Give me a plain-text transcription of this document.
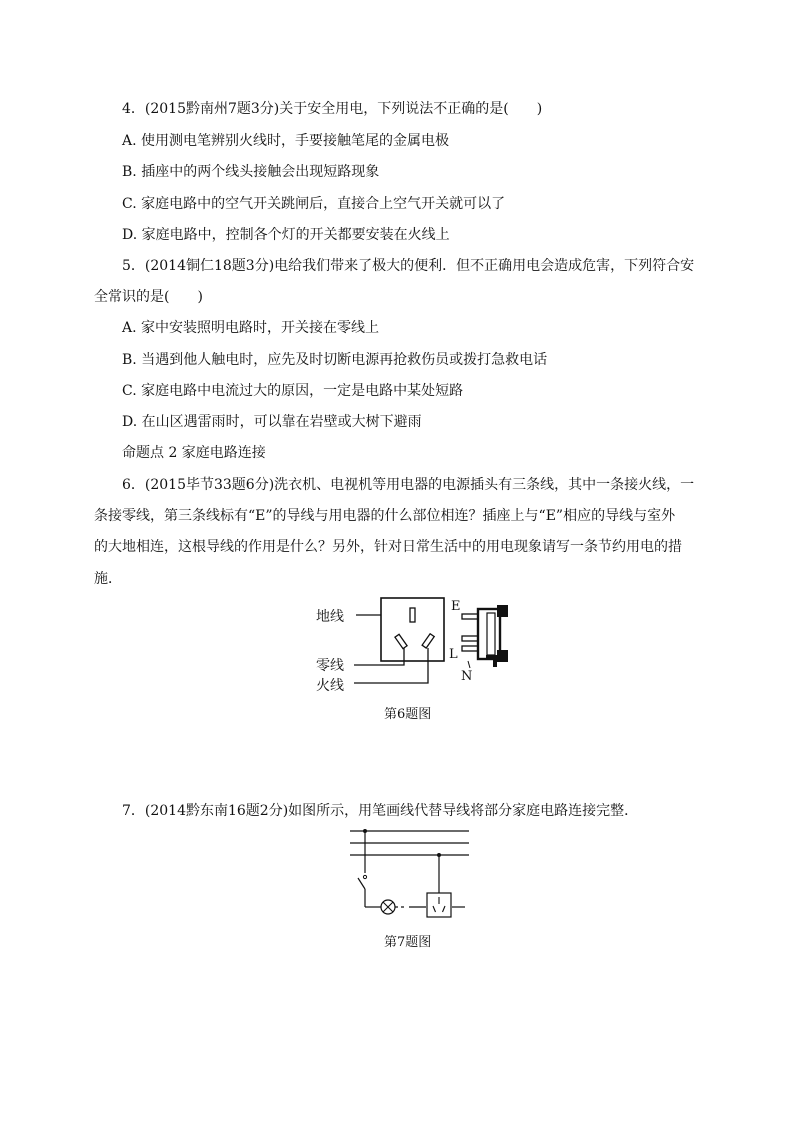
4．(2015黔南州7题3分)关于安全用电，下列说法不正确的是(　　)
A. 使用测电笔辨别火线时，手要接触笔尾的金属电极
B. 插座中的两个线头接触会出现短路现象
C. 家庭电路中的空气开关跳闸后，直接合上空气开关就可以了
D. 家庭电路中，控制各个灯的开关都要安装在火线上
5．(2014铜仁18题3分)电给我们带来了极大的便利．但不正确用电会造成危害，下列符合安
全常识的是(　　)
A. 家中安装照明电路时，开关接在零线上
B. 当遇到他人触电时，应先及时切断电源再抢救伤员或拨打急救电话
C. 家庭电路中电流过大的原因，一定是电路中某处短路
D. 在山区遇雷雨时，可以靠在岩壁或大树下避雨
命题点 2 家庭电路连接
6．(2015毕节33题6分)洗衣机、电视机等用电器的电源插头有三条线，其中一条接火线，一
条接零线，第三条线标有“E”的导线与用电器的什么部位相连？插座上与“E”相应的导线与室外
的大地相连，这根导线的作用是什么？另外，针对日常生活中的用电现象请写一条节约用电的措
施．
地线
零线
火线
E
L
N
第6题图
7．(2014黔东南16题2分)如图所示，用笔画线代替导线将部分家庭电路连接完整．
第7题图
